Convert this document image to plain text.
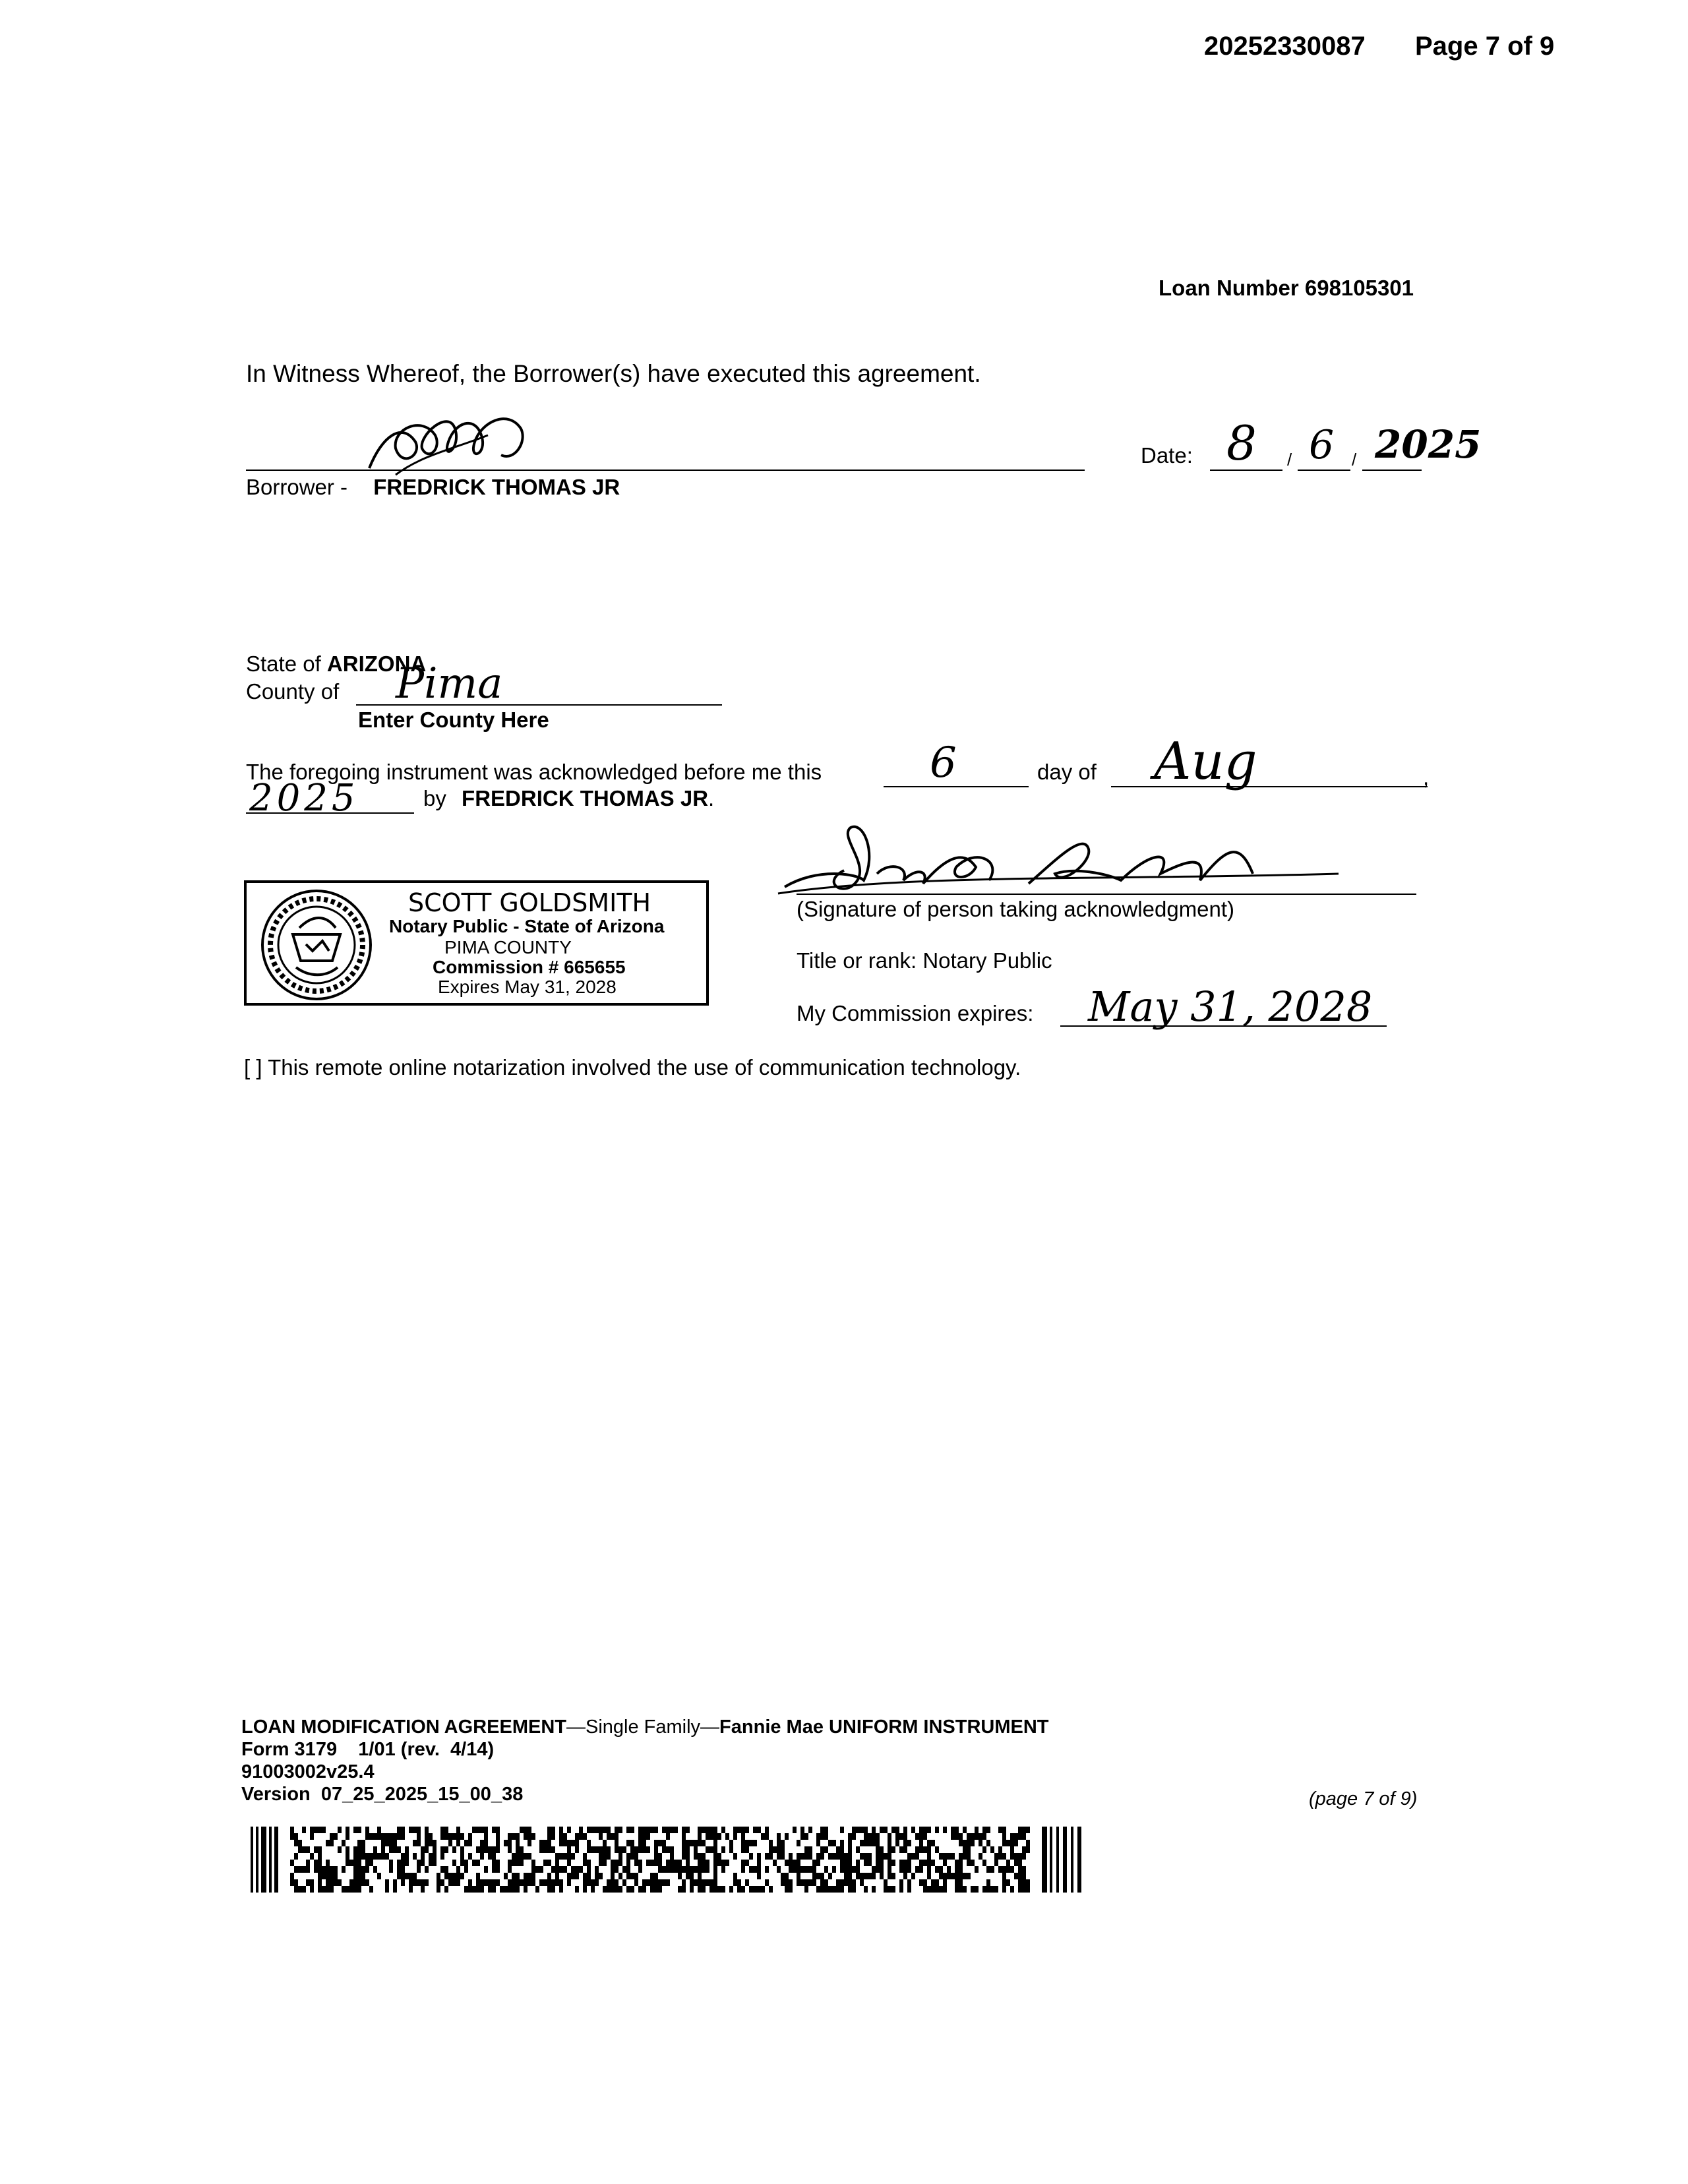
20252330087 Page 7 of 9
Loan Number 698105301
In Witness Whereof, the Borrower(s) have executed this agreement.
Borrower - FREDRICK THOMAS JR
Date:	/	/
8 6 2025
State of ARIZONA
County of Pima
Enter County Here
The foregoing instrument was acknowledged before me this	6	day of Aug	,
2025	by FREDRICK THOMAS JR.
(Signature of person taking acknowledgment)
Title or rank: Notary Public
My Commission expires: May 31, 2028
SCOTT GOLDSMITH
Notary Public - State of Arizona
PIMA COUNTY
Commission # 665655
Expires May 31, 2028
[ ] This remote online notarization involved the use of communication technology.
LOAN MODIFICATION AGREEMENT—Single Family—Fannie Mae UNIFORM INSTRUMENT
Form 3179    1/01 (rev.  4/14)
91003002v25.4
Version  07_25_2025_15_00_38	(page 7 of 9)
